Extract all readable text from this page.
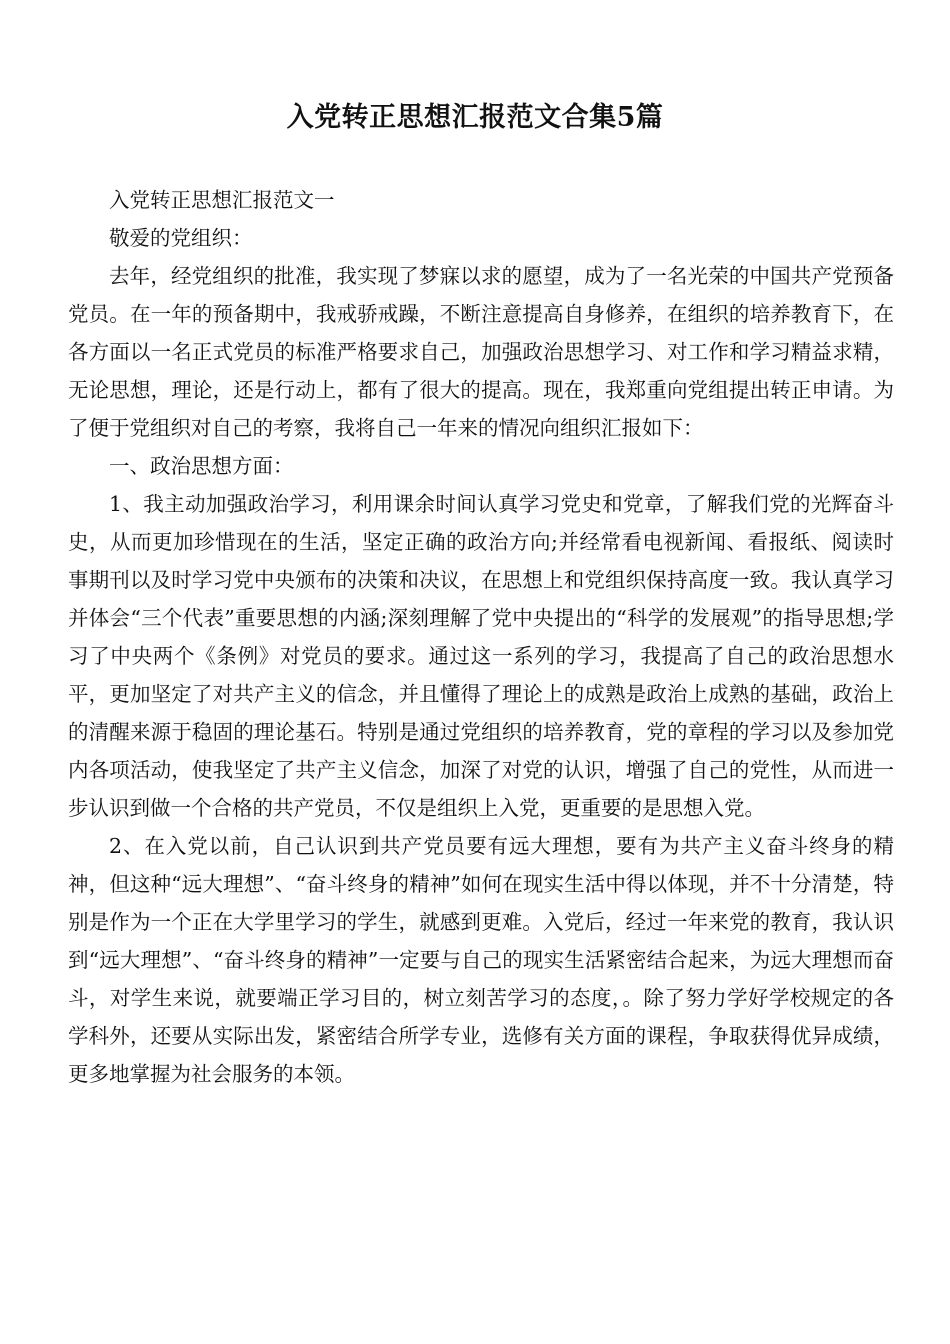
入党转正思想汇报范文合集5篇

入党转正思想汇报范文一

敬爱的党组织：

去年，经党组织的批准，我实现了梦寐以求的愿望，成为了一名光荣的中国共产党预备党员。在一年的预备期中，我戒骄戒躁，不断注意提高自身修养，在组织的培养教育下，在各方面以一名正式党员的标准严格要求自己，加强政治思想学习、对工作和学习精益求精，无论思想，理论，还是行动上，都有了很大的提高。现在，我郑重向党组提出转正申请。为了便于党组织对自己的考察，我将自己一年来的情况向组织汇报如下：

一、政治思想方面：

1、我主动加强政治学习，利用课余时间认真学习党史和党章，了解我们党的光辉奋斗史，从而更加珍惜现在的生活，坚定正确的政治方向;并经常看电视新闻、看报纸、阅读时事期刊以及时学习党中央颁布的决策和决议，在思想上和党组织保持高度一致。我认真学习并体会“三个代表”重要思想的内涵;深刻理解了党中央提出的“科学的发展观”的指导思想;学习了中央两个《条例》对党员的要求。通过这一系列的学习，我提高了自己的政治思想水平，更加坚定了对共产主义的信念，并且懂得了理论上的成熟是政治上成熟的基础，政治上的清醒来源于稳固的理论基石。特别是通过党组织的培养教育，党的章程的学习以及参加党内各项活动，使我坚定了共产主义信念，加深了对党的认识，增强了自己的党性，从而进一步认识到做一个合格的共产党员，不仅是组织上入党，更重要的是思想入党。

2、在入党以前，自己认识到共产党员要有远大理想，要有为共产主义奋斗终身的精神，但这种“远大理想”、“奋斗终身的精神”如何在现实生活中得以体现，并不十分清楚，特别是作为一个正在大学里学习的学生，就感到更难。入党后，经过一年来党的教育，我认识到“远大理想”、“奋斗终身的精神”一定要与自己的现实生活紧密结合起来，为远大理想而奋斗，对学生来说，就要端正学习目的，树立刻苦学习的态度，。除了努力学好学校规定的各学科外，还要从实际出发，紧密结合所学专业，选修有关方面的课程，争取获得优异成绩，更多地掌握为社会服务的本领。
